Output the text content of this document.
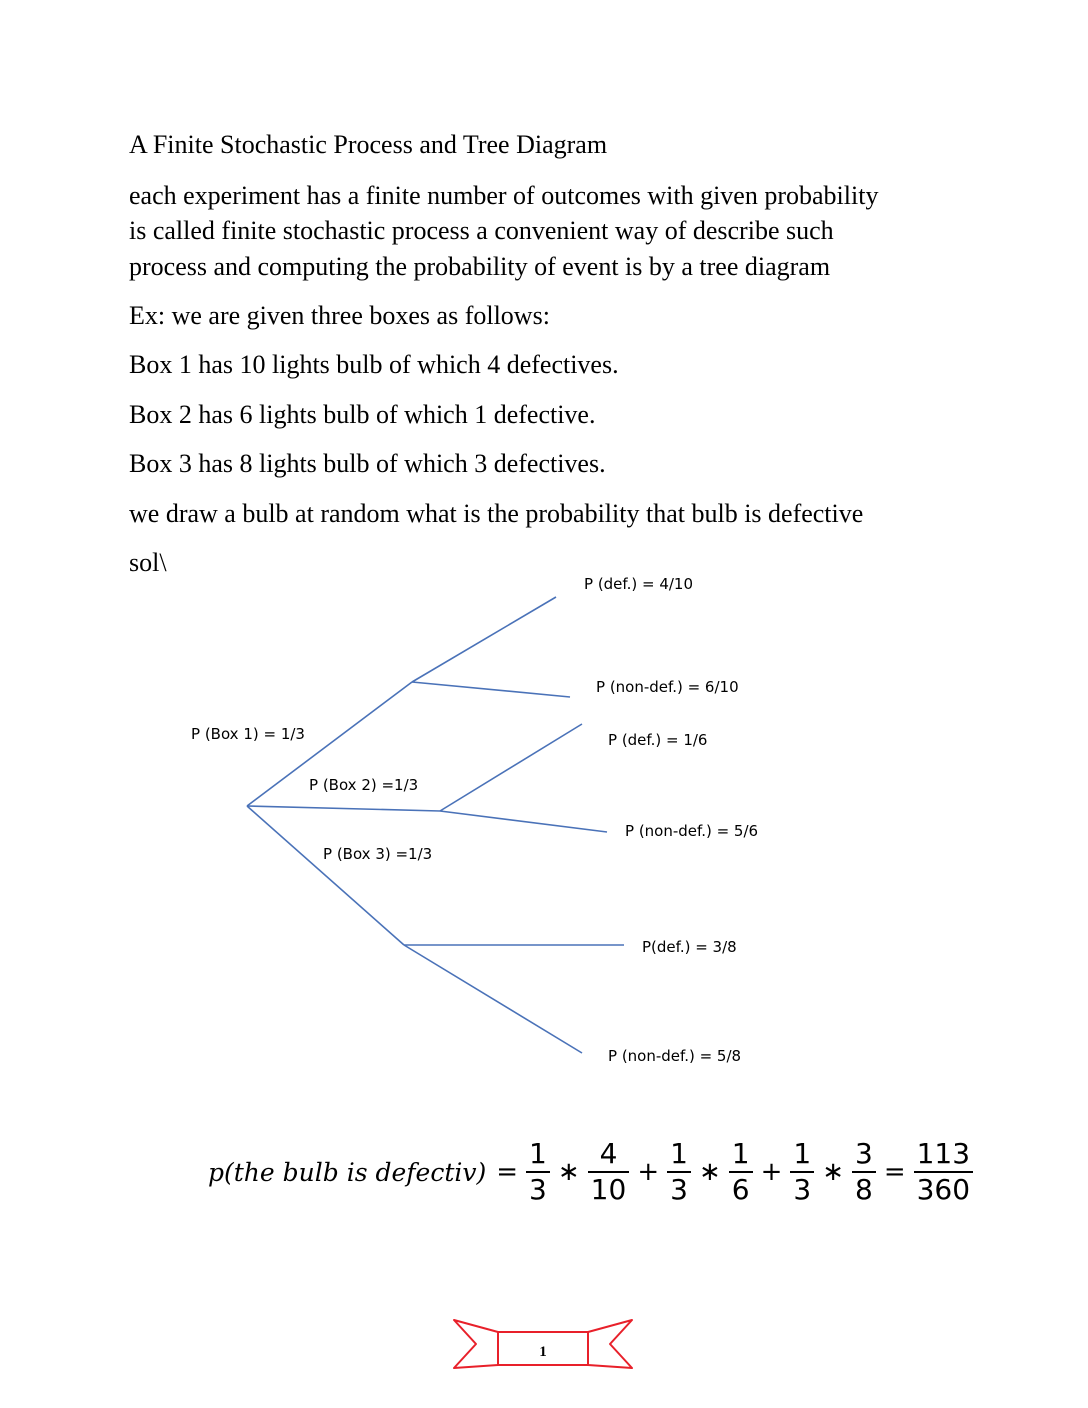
A Finite Stochastic Process and Tree Diagram
each experiment has a finite number of outcomes with given probability
is called finite stochastic process a convenient way of describe such
process and computing the probability of event is by a tree diagram
Ex: we are given three boxes as follows:
Box 1 has 10 lights bulb of which 4 defectives.
Box 2 has 6 lights bulb of which 1 defective.
Box 3 has 8 lights bulb of which 3 defectives.
we draw a bulb at random what is the probability that bulb is defective
sol\
P (Box 1) = 1/3
P (Box 2) =1/3
P (Box 3) =1/3
P (def.) = 4/10
P (non-def.) = 6/10
P (def.) = 1/6
P (non-def.) = 5/6
P(def.) = 3/8
P (non-def.) = 5/8
p(the bulb is defectiv) = $\frac{1}{3}$ ∗ $\frac{4}{10} + \frac{1}{3}$ ∗ $\frac{1}{6} + \frac{1}{3}$ ∗ $\frac{3}{8} = \frac{113}{360}$
1
